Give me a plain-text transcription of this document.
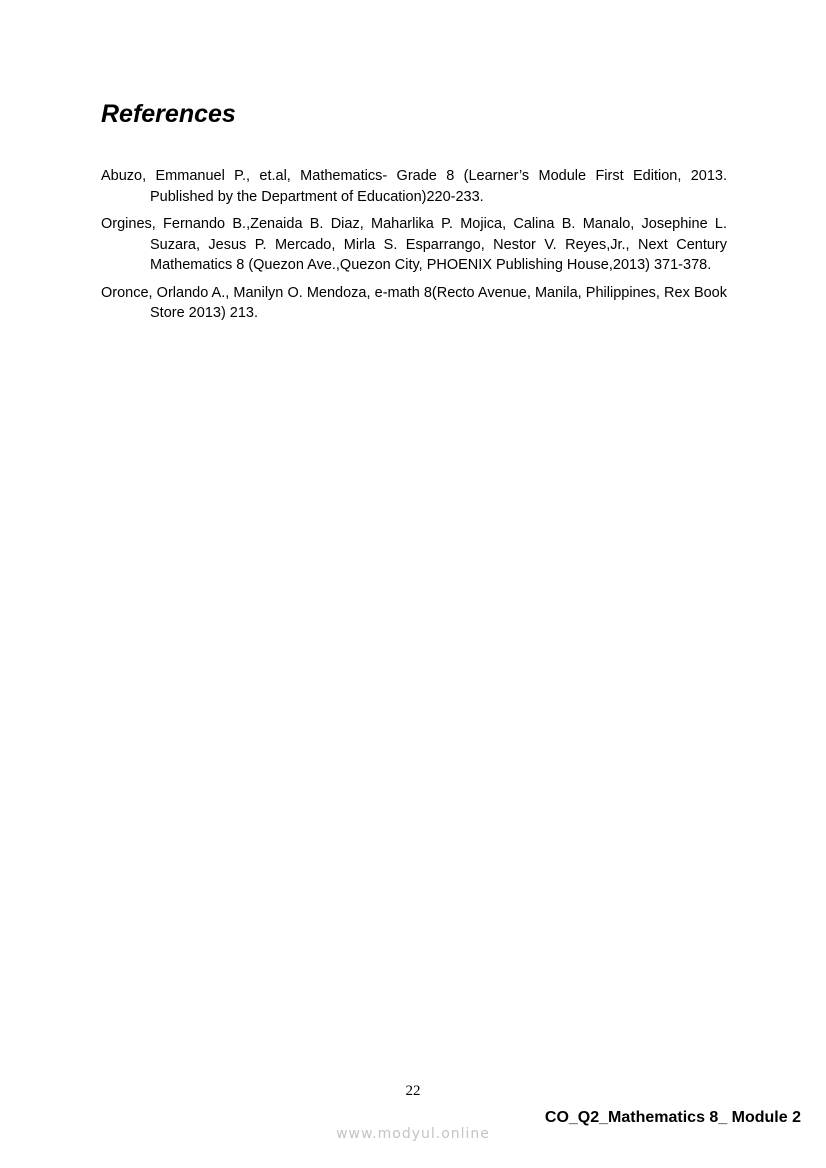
References
Abuzo, Emmanuel P., et.al, Mathematics- Grade 8 (Learner’s Module First Edition, 2013. Published by the Department of Education)220-233.
Orgines, Fernando B.,Zenaida B. Diaz, Maharlika P. Mojica, Calina B. Manalo, Josephine L. Suzara, Jesus P. Mercado, Mirla S. Esparrango, Nestor V. Reyes,Jr., Next Century Mathematics 8 (Quezon Ave.,Quezon City, PHOENIX Publishing House,2013) 371-378.
Oronce, Orlando A., Manilyn O. Mendoza, e-math 8(Recto Avenue, Manila, Philippines, Rex Book Store 2013) 213.
22
CO_Q2_Mathematics 8_ Module 2
www.modyul.online
